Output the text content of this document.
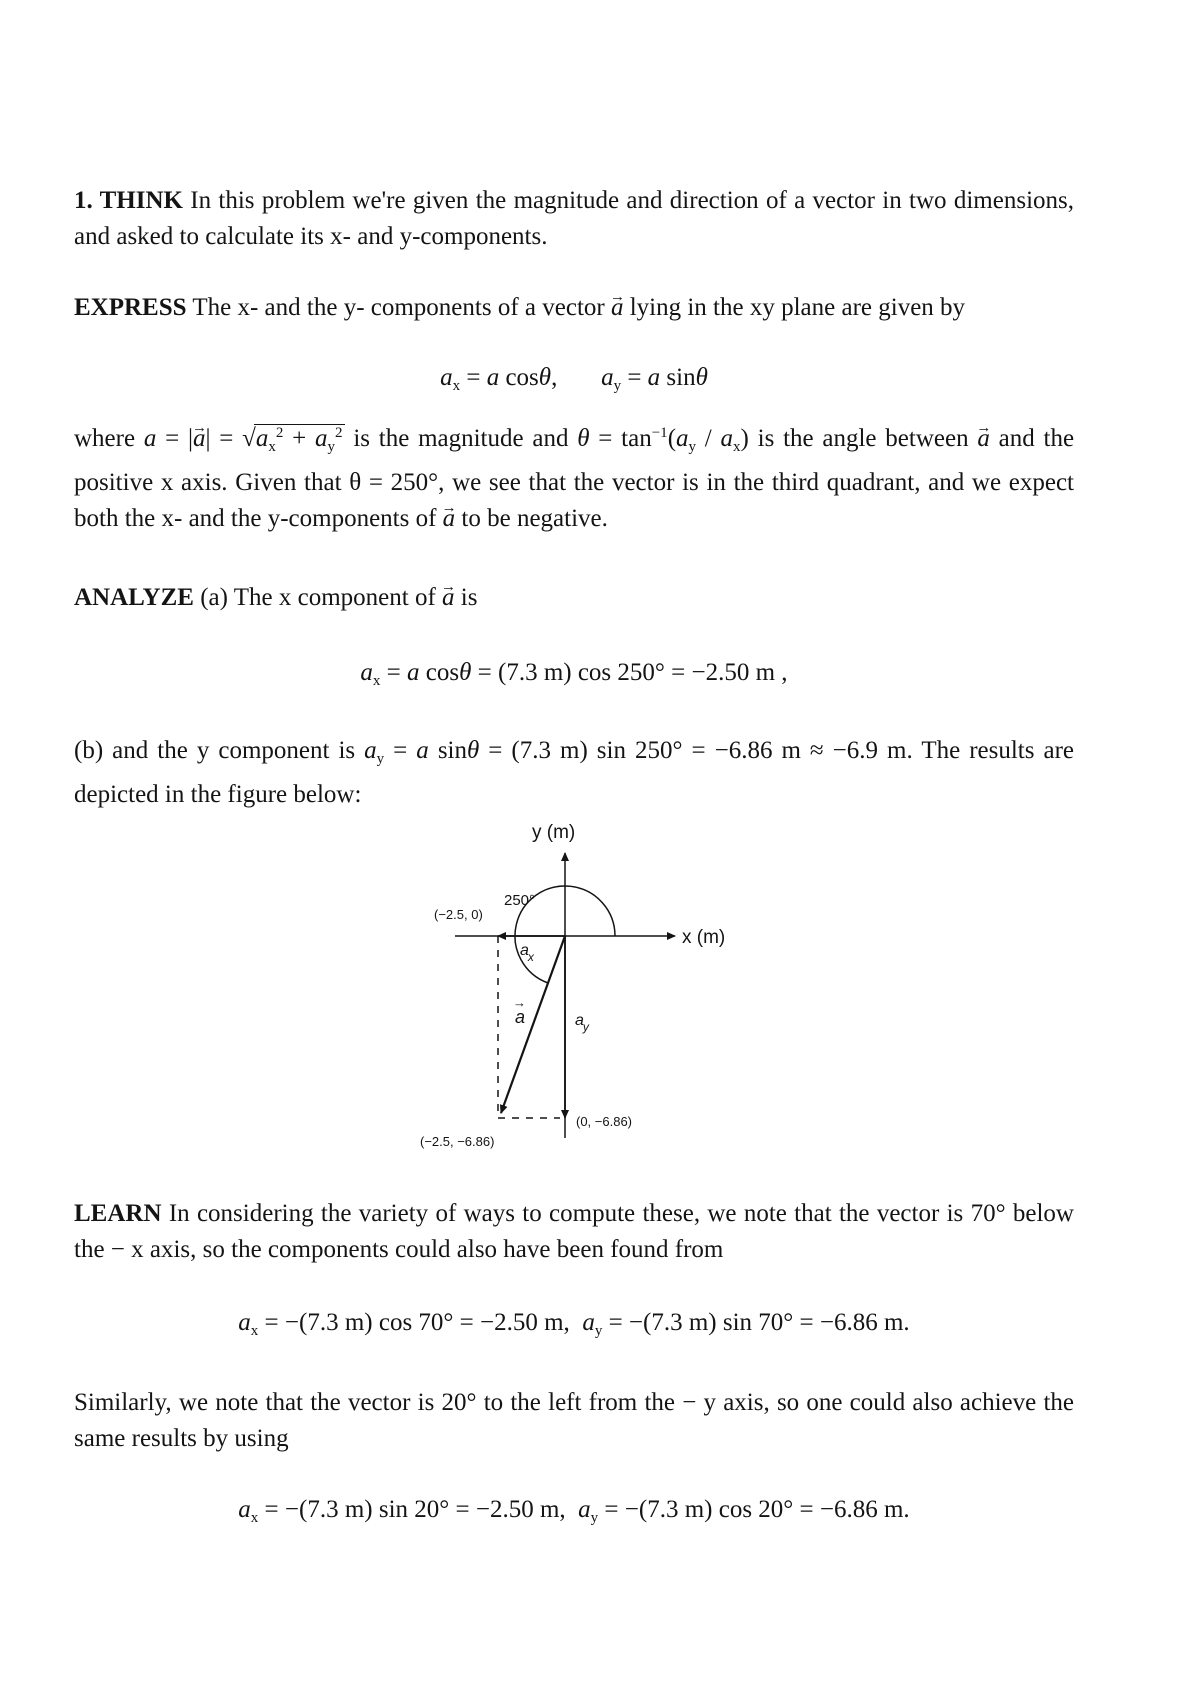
1. THINK In this problem we're given the magnitude and direction of a vector in two dimensions, and asked to calculate its x- and y-components.

EXPRESS The x- and the y- components of a vector a → lying in the xy plane are given by

$a_x = a$ cosθ, $a_y = a$ sinθ

where a = |a →| = $√a_x^2 + a_y^2$ is the magnitude and $\theta = \tan^{-1}(a_y / a_x)$ is the angle between a → and the positive x axis. Given that θ = 250°, we see that the vector is in the third quadrant, and we expect both the x- and the y-components of a → to be negative.

ANALYZE (a) The x component of a → is

$a_x = a$ cosθ = (7.3 m) cos 250° = −2.50 m ,

(b) and the y component is $a_y = a$ sinθ = (7.3 m) sin 250° = −6.86 m ≈ −6.9 m. The results are depicted in the figure below:

y (m)
x (m)
250°
(−2.5, 0)
(−2.5, −6.86)
(0, −6.86)
ax
ay
a
→

LEARN In considering the variety of ways to compute these, we note that the vector is 70° below the − x axis, so the components could also have been found from

$a_x = -(7.3$ m) cos 70° = −2.50 m,  $a_y = -(7.3$ m) sin 70° = −6.86 m.

Similarly, we note that the vector is 20° to the left from the − y axis, so one could also achieve the same results by using

$a_x = -(7.3$ m) sin 20° = −2.50 m,  $a_y = -(7.3$ m) cos 20° = −6.86 m.
